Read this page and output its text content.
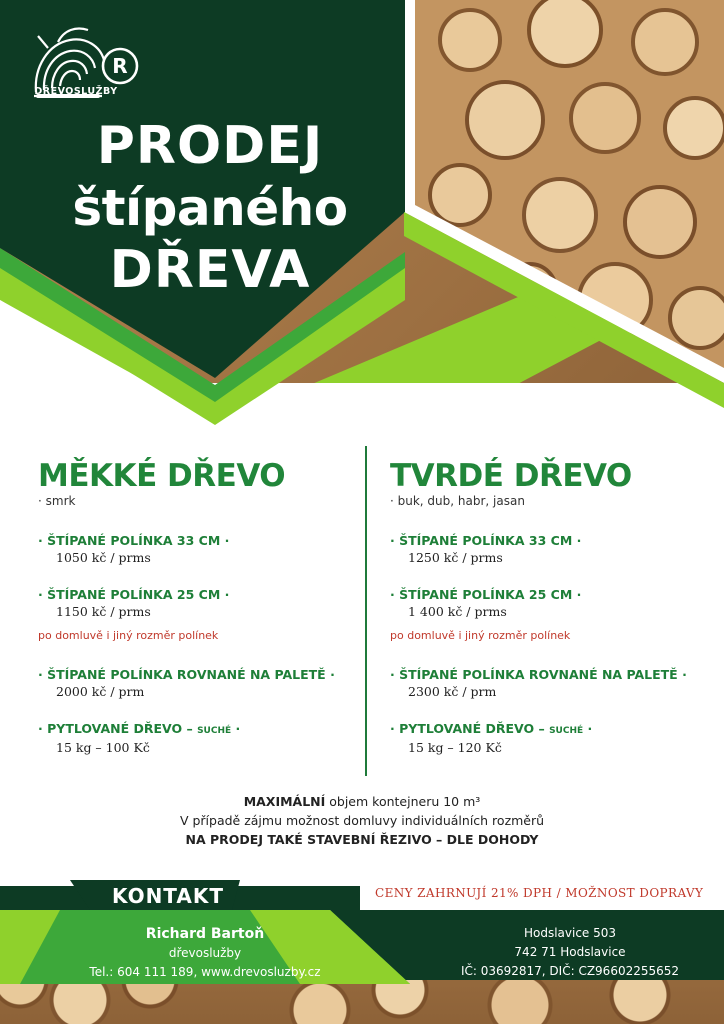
R
DŘEVOSLUŽBY
PRODEJ
štípaného
DŘEVA
MĚKKÉ DŘEVO
· smrk
· ŠTÍPANÉ POLÍNKA 33 CM ·
1050 kč / prms
· ŠTÍPANÉ POLÍNKA 25 CM ·
1150 kč / prms
po domluvě i jiný rozměr polínek
· ŠTÍPANÉ POLÍNKA ROVNANÉ NA PALETĚ ·
2000 kč / prm
· PYTLOVANÉ DŘEVO – SUCHÉ ·
15 kg – 100 Kč
TVRDÉ DŘEVO
· buk, dub, habr, jasan
· ŠTÍPANÉ POLÍNKA 33 CM ·
1250 kč / prms
· ŠTÍPANÉ POLÍNKA 25 CM ·
1 400 kč / prms
po domluvě i jiný rozměr polínek
· ŠTÍPANÉ POLÍNKA ROVNANÉ NA PALETĚ ·
2300 kč / prm
· PYTLOVANÉ DŘEVO – SUCHÉ ·
15 kg – 120 Kč
MAXIMÁLNÍ objem kontejneru 10 m³
V případě zájmu možnost domluvy individuálních rozměrů
NA PRODEJ TAKÉ STAVEBNÍ ŘEZIVO – DLE DOHODY
KONTAKT	CENY ZAHRNUJÍ 21% DPH / MOŽNOST DOPRAVY
Richard Bartoň
dřevoslužby
Tel.: 604 111 189, www.drevosluzby.cz
Hodslavice 503
742 71 Hodslavice
IČ: 03692817, DIČ: CZ9660225565​2
